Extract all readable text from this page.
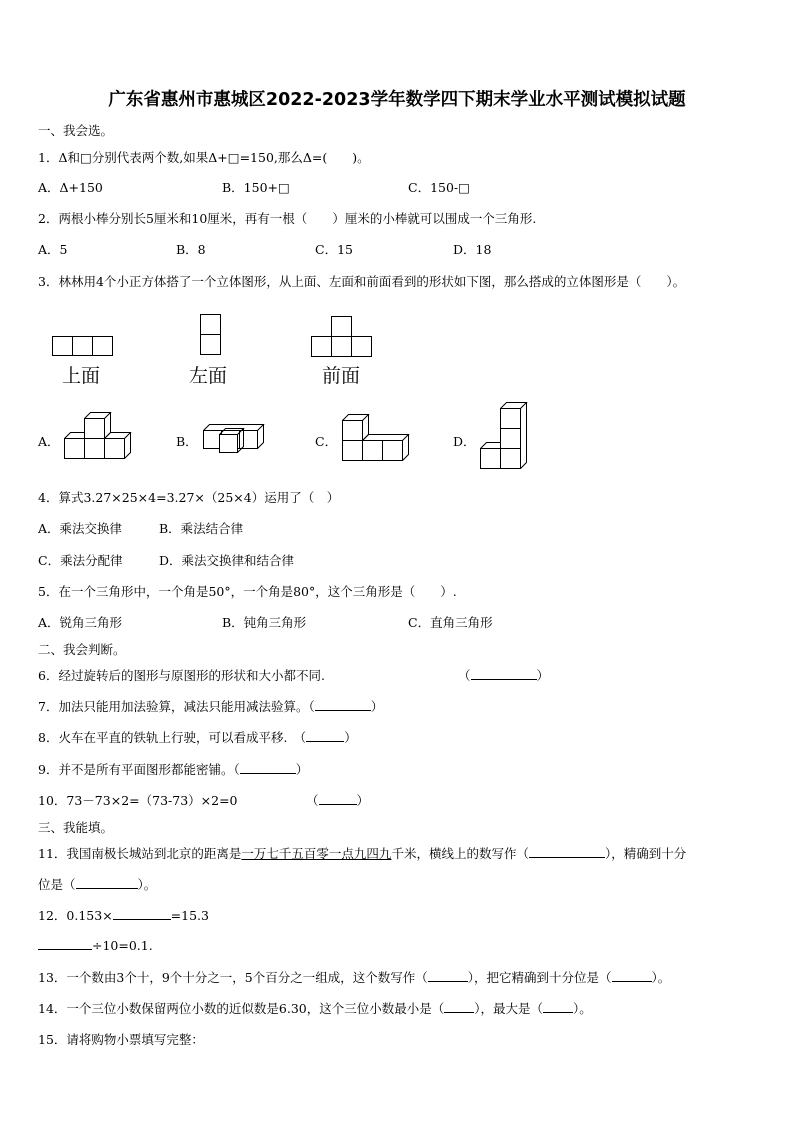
广东省惠州市惠城区2022-2023学年数学四下期末学业水平测试模拟试题
一、我会选。
1．Δ和□分别代表两个数,如果Δ+□=150,那么Δ=(　　)。
A．Δ+150	B．150+□	C．150-□
2．两根小棒分别长5厘米和10厘米，再有一根（　　）厘米的小棒就可以围成一个三角形.
A．5	B．8	C．15	D．18
3．林林用4个小正方体搭了一个立体图形，从上面、左面和前面看到的形状如下图，那么搭成的立体图形是（　　）。
上面	左面	前面
A．	B．	C．	D．
4．算式3.27×25×4=3.27×（25×4）运用了（　）
A．乘法交换律	B．乘法结合律
C．乘法分配律	D．乘法交换律和结合律
5．在一个三角形中，一个角是50°，一个角是80°，这个三角形是（　　）.
A．锐角三角形	B．钝角三角形	C．直角三角形
二、我会判断。
6．经过旋转后的图形与原图形的形状和大小都不同.	（	）
7．加法只能用加法验算，减法只能用减法验算。（	）
8．火车在平直的铁轨上行驶，可以看成平移.　（	）
9．并不是所有平面图形都能密铺。（	）
10．73－73×2=（73-73）×2=0	（	）
三、我能填。
11．我国南极长城站到北京的距离是一万七千五百零一点九四九千米，横线上的数写作（	），精确到十分
位是（	）。
12．0.153×	=15.3
÷10=0.1.
13．一个数由3个十，9个十分之一，5个百分之一组成，这个数写作（	），把它精确到十分位是（	）。
14．一个三位小数保留两位小数的近似数是6.30，这个三位小数最小是（ ），最大是（ ）。
15．请将购物小票填写完整：
